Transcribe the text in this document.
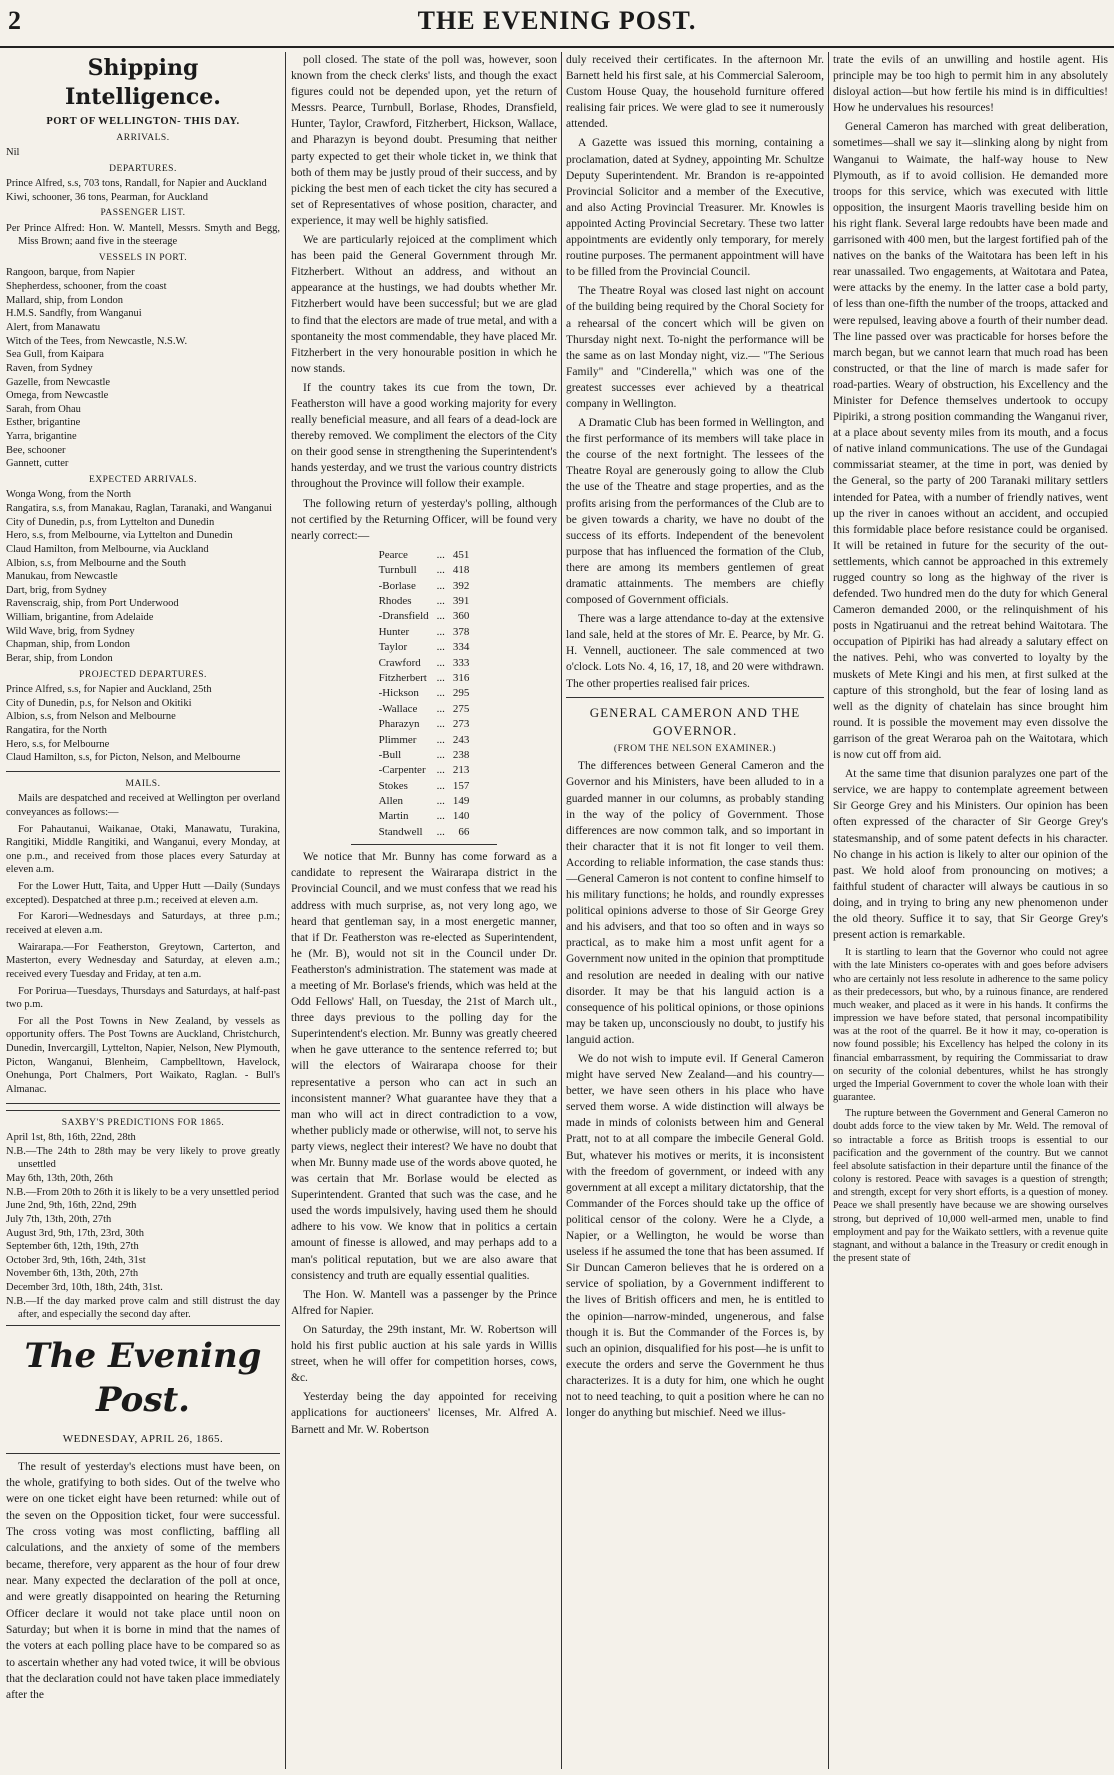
2	THE EVENING POST.
Shipping Intelligence.
PORT OF WELLINGTON- THIS DAY.
ARRIVALS.
Nil
DEPARTURES.
Prince Alfred, s.s, 703 tons, Randall, for Napier and Auckland
Kiwi, schooner, 36 tons, Pearman, for Auckland
PASSENGER LIST.
Per Prince Alfred: Hon. W. Mantell, Messrs. Smyth and Begg, Miss Brown; aand five in the steerage
VESSELS IN PORT.
Rangoon, barque, from Napier
Shepherdess, schooner, from the coast
Mallard, ship, from London
H.M.S. Sandfly, from Wanganui
Alert, from Manawatu
Witch of the Tees, from Newcastle, N.S.W.
Sea Gull, from Kaipara
Raven, from Sydney
Gazelle, from Newcastle
Omega, from Newcastle
Sarah, from Ohau
Esther, brigantine
Yarra, brigantine
Bee, schooner
Gannett, cutter
EXPECTED ARRIVALS.
Wonga Wong, from the North
Rangatira, s.s, from Manakau, Raglan, Taranaki, and Wanganui
City of Dunedin, p.s, from Lyttelton and Dunedin
Hero, s.s, from Melbourne, via Lyttelton and Dunedin
Claud Hamilton, from Melbourne, via Auckland
Albion, s.s, from Melbourne and the South
Manukau, from Newcastle
Dart, brig, from Sydney
Ravenscraig, ship, from Port Underwood
William, brigantine, from Adelaide
Wild Wave, brig, from Sydney
Chapman, ship, from London
Berar, ship, from London
PROJECTED DEPARTURES.
Prince Alfred, s.s, for Napier and Auckland, 25th
City of Dunedin, p.s, for Nelson and Okitiki
Albion, s.s, from Nelson and Melbourne
Rangatira, for the North
Hero, s.s, for Melbourne
Claud Hamilton, s.s, for Picton, Nelson, and Melbourne
MAILS.

Mails are despatched and received at Wellington per overland conveyances as follows:—

For Pahautanui, Waikanae, Otaki, Manawatu, Turakina, Rangitiki, Middle Rangitiki, and Wanganui, every Monday, at one p.m., and received from those places every Saturday at eleven a.m.

For the Lower Hutt, Taita, and Upper Hutt —Daily (Sundays excepted). Despatched at three p.m.; received at eleven a.m.

For Karori—Wednesdays and Saturdays, at three p.m.; received at eleven a.m.

Wairarapa.—For Featherston, Greytown, Carterton, and Masterton, every Wednesday and Saturday, at eleven a.m.; received every Tuesday and Friday, at ten a.m.

For Porirua—Tuesdays, Thursdays and Saturdays, at half-past two p.m.

For all the Post Towns in New Zealand, by vessels as opportunity offers. The Post Towns are Auckland, Christchurch, Dunedin, Invercargill, Lyttelton, Napier, Nelson, New Plymouth, Picton, Wanganui, Blenheim, Campbelltown, Havelock, Onehunga, Port Chalmers, Port Waikato, Raglan. - Bull's Almanac.

SAXBY'S PREDICTIONS FOR 1865.
April 1st, 8th, 16th, 22nd, 28th
N.B.—The 24th to 28th may be very likely to prove greatly unsettled
May 6th, 13th, 20th, 26th
N.B.—From 20th to 26th it is likely to be a very unsettled period
June 2nd, 9th, 16th, 22nd, 29th
July 7th, 13th, 20th, 27th
August 3rd, 9th, 17th, 23rd, 30th
September 6th, 12th, 19th, 27th
October 3rd, 9th, 16th, 24th, 31st
November 6th, 13th, 20th, 27th
December 3rd, 10th, 18th, 24th, 31st.
N.B.—If the day marked prove calm and still distrust the day after, and especially the second day after.
The Evening Post.
WEDNESDAY, APRIL 26, 1865.

The result of yesterday's elections must have been, on the whole, gratifying to both sides. Out of the twelve who were on one ticket eight have been returned: while out of the seven on the Opposition ticket, four were successful. The cross voting was most conflicting, baffling all calculations, and the anxiety of some of the members became, therefore, very apparent as the hour of four drew near. Many expected the declaration of the poll at once, and were greatly disappointed on hearing the Returning Officer declare it would not take place until noon on Saturday; but when it is borne in mind that the names of the voters at each polling place have to be compared so as to ascertain whether any had voted twice, it will be obvious that the declaration could not have taken place immediately after the

poll closed. The state of the poll was, however, soon known from the check clerks' lists, and though the exact figures could not be depended upon, yet the return of Messrs. Pearce, Turnbull, Borlase, Rhodes, Dransfield, Hunter, Taylor, Crawford, Fitzherbert, Hickson, Wallace, and Pharazyn is beyond doubt. Presuming that neither party expected to get their whole ticket in, we think that both of them may be justly proud of their success, and by picking the best men of each ticket the city has secured a set of Representatives of whose position, character, and experience, it may well be highly satisfied.

We are particularly rejoiced at the compliment which has been paid the General Government through Mr. Fitzherbert. Without an address, and without an appearance at the hustings, we had doubts whether Mr. Fitzherbert would have been successful; but we are glad to find that the electors are made of true metal, and with a spontaneity the most commendable, they have placed Mr. Fitzherbert in the very honourable position in which he now stands.

If the country takes its cue from the town, Dr. Featherston will have a good working majority for every really beneficial measure, and all fears of a dead-lock are thereby removed. We compliment the electors of the City on their good sense in strengthening the Superintendent's hands yesterday, and we trust the various country districts throughout the Province will follow their example.

The following return of yesterday's polling, although not certified by the Returning Officer, will be found very nearly correct:—

Pearce	...	451
Turnbull	...	418
-Borlase	...	392
Rhodes	...	391
-Dransfield	...	360
Hunter	...	378
Taylor	...	334
Crawford	...	333
Fitzherbert	...	316
-Hickson	...	295
-Wallace	...	275
Pharazyn	...	273
Plimmer	...	243
-Bull	...	238
-Carpenter	...	213
Stokes	...	157
Allen	...	149
Martin	...	140
Standwell	...	66

We notice that Mr. Bunny has come forward as a candidate to represent the Wairarapa district in the Provincial Council, and we must confess that we read his address with much surprise, as, not very long ago, we heard that gentleman say, in a most energetic manner, that if Dr. Featherston was re-elected as Superintendent, he (Mr. B), would not sit in the Council under Dr. Featherston's administration. The statement was made at a meeting of Mr. Borlase's friends, which was held at the Odd Fellows' Hall, on Tuesday, the 21st of March ult., three days previous to the polling day for the Superintendent's election. Mr. Bunny was greatly cheered when he gave utterance to the sentence referred to; but will the electors of Wairarapa choose for their representative a person who can act in such an inconsistent manner? What guarantee have they that a man who will act in direct contradiction to a vow, whether publicly made or otherwise, will not, to serve his party views, neglect their interest? We have no doubt that when Mr. Bunny made use of the words above quoted, he was certain that Mr. Borlase would be elected as Superintendent. Granted that such was the case, and he used the words impulsively, having used them he should adhere to his vow. We know that in politics a certain amount of finesse is allowed, and may perhaps add to a man's political reputation, but we are also aware that consistency and truth are equally essential qualities.

The Hon. W. Mantell was a passenger by the Prince Alfred for Napier.

On Saturday, the 29th instant, Mr. W. Robertson will hold his first public auction at his sale yards in Willis street, when he will offer for competition horses, cows, &c.

Yesterday being the day appointed for receiving applications for auctioneers' licenses, Mr. Alfred A. Barnett and Mr. W. Robertson

duly received their certificates. In the afternoon Mr. Barnett held his first sale, at his Commercial Saleroom, Custom House Quay, the household furniture offered realising fair prices. We were glad to see it numerously attended.

A Gazette was issued this morning, containing a proclamation, dated at Sydney, appointing Mr. Schultze Deputy Superintendent. Mr. Brandon is re-appointed Provincial Solicitor and a member of the Executive, and also Acting Provincial Treasurer. Mr. Knowles is appointed Acting Provincial Secretary. These two latter appointments are evidently only temporary, for merely routine purposes. The permanent appointment will have to be filled from the Provincial Council.

The Theatre Royal was closed last night on account of the building being required by the Choral Society for a rehearsal of the concert which will be given on Thursday night next. To-night the performance will be the same as on last Monday night, viz.— "The Serious Family" and "Cinderella," which was one of the greatest successes ever achieved by a theatrical company in Wellington.

A Dramatic Club has been formed in Wellington, and the first performance of its members will take place in the course of the next fortnight. The lessees of the Theatre Royal are generously going to allow the Club the use of the Theatre and stage properties, and as the profits arising from the performances of the Club are to be given towards a charity, we have no doubt of the success of its efforts. Independent of the benevolent purpose that has influenced the formation of the Club, there are among its members gentlemen of great dramatic attainments. The members are chiefly composed of Government officials.

There was a large attendance to-day at the extensive land sale, held at the stores of Mr. E. Pearce, by Mr. G. H. Vennell, auctioneer. The sale commenced at two o'clock. Lots No. 4, 16, 17, 18, and 20 were withdrawn. The other properties realised fair prices.

GENERAL CAMERON AND THE GOVERNOR.
(FROM THE NELSON EXAMINER.)

The differences between General Cameron and the Governor and his Ministers, have been alluded to in a guarded manner in our columns, as probably standing in the way of the policy of Government. Those differences are now common talk, and so important in their character that it is not fit longer to veil them. According to reliable information, the case stands thus: —General Cameron is not content to confine himself to his military functions; he holds, and roundly expresses political opinions adverse to those of Sir George Grey and his advisers, and that too so often and in ways so practical, as to make him a most unfit agent for a Government now united in the opinion that promptitude and resolution are needed in dealing with our native disorder. It may be that his languid action is a consequence of his political opinions, or those opinions may be taken up, unconsciously no doubt, to justify his languid action.

We do not wish to impute evil. If General Cameron might have served New Zealand—and his country—better, we have seen others in his place who have served them worse. A wide distinction will always be made in minds of colonists between him and General Pratt, not to at all compare the imbecile General Gold. But, whatever his motives or merits, it is inconsistent with the freedom of government, or indeed with any government at all except a military dictatorship, that the Commander of the Forces should take up the office of political censor of the colony. Were he a Clyde, a Napier, or a Wellington, he would be worse than useless if he assumed the tone that has been assumed. If Sir Duncan Cameron believes that he is ordered on a service of spoliation, by a Government indifferent to the lives of British officers and men, he is entitled to the opinion—narrow-minded, ungenerous, and false though it is. But the Commander of the Forces is, by such an opinion, disqualified for his post—he is unfit to execute the orders and serve the Government he thus characterizes. It is a duty for him, one which he ought not to need teaching, to quit a position where he can no longer do anything but mischief. Need we illus-

trate the evils of an unwilling and hostile agent. His principle may be too high to permit him in any absolutely disloyal action—but how fertile his mind is in difficulties! How he undervalues his resources!

General Cameron has marched with great deliberation, sometimes—shall we say it—slinking along by night from Wanganui to Waimate, the half-way house to New Plymouth, as if to avoid collision. He demanded more troops for this service, which was executed with little opposition, the insurgent Maoris travelling beside him on his right flank. Several large redoubts have been made and garrisoned with 400 men, but the largest fortified pah of the natives on the banks of the Waitotara has been left in his rear unassailed. Two engagements, at Waitotara and Patea, were attacks by the enemy. In the latter case a bold party, of less than one-fifth the number of the troops, attacked and were repulsed, leaving above a fourth of their number dead. The line passed over was practicable for horses before the march began, but we cannot learn that much road has been constructed, or that the line of march is made safer for road-parties. Weary of obstruction, his Excellency and the Minister for Defence themselves undertook to occupy Pipiriki, a strong position commanding the Wanganui river, at a place about seventy miles from its mouth, and a focus of native inland communications. The use of the Gundagai commissariat steamer, at the time in port, was denied by the General, so the party of 200 Taranaki military settlers intended for Patea, with a number of friendly natives, went up the river in canoes without an accident, and occupied this formidable place before resistance could be organised. It will be retained in future for the security of the out-settlements, which cannot be approached in this extremely rugged country so long as the highway of the river is defended. Two hundred men do the duty for which General Cameron demanded 2000, or the relinquishment of his posts in Ngatiruanui and the retreat behind Waitotara. The occupation of Pipiriki has had already a salutary effect on the natives. Pehi, who was converted to loyalty by the muskets of Mete Kingi and his men, at first sulked at the capture of this stronghold, but the fear of losing land as well as the dignity of chatelain has since brought him round. It is possible the movement may even dissolve the garrison of the great Weraroa pah on the Waitotara, which is now cut off from aid.

At the same time that disunion paralyzes one part of the service, we are happy to contemplate agreement between Sir George Grey and his Ministers. Our opinion has been often expressed of the character of Sir George Grey's statesmanship, and of some patent defects in his character. No change in his action is likely to alter our opinion of the past. We hold aloof from pronouncing on motives; a faithful student of character will always be cautious in so doing, and in trying to bring any new phenomenon under the old theory. Suffice it to say, that Sir George Grey's present action is remarkable.

It is startling to learn that the Governor who could not agree with the late Ministers co-operates with and goes before advisers who are certainly not less resolute in adherence to the same policy as their predecessors, but who, by a ruinous finance, are rendered much weaker, and placed as it were in his hands. It confirms the impression we have before stated, that personal incompatibility was at the root of the quarrel. Be it how it may, co-operation is now found possible; his Excellency has helped the colony in its financial embarrassment, by requiring the Commissariat to draw on security of the colonial debentures, whilst he has strongly urged the Imperial Government to cover the whole loan with their guarantee.

The rupture between the Government and General Cameron no doubt adds force to the view taken by Mr. Weld. The removal of so intractable a force as British troops is essential to our pacification and the government of the country. But we cannot feel absolute satisfaction in their departure until the finance of the colony is restored. Peace with savages is a question of strength; and strength, except for very short efforts, is a question of money. Peace we shall presently have because we are showing ourselves strong, but deprived of 10,000 well-armed men, unable to find employment and pay for the Waikato settlers, with a revenue quite stagnant, and without a balance in the Treasury or credit enough in the present state of
